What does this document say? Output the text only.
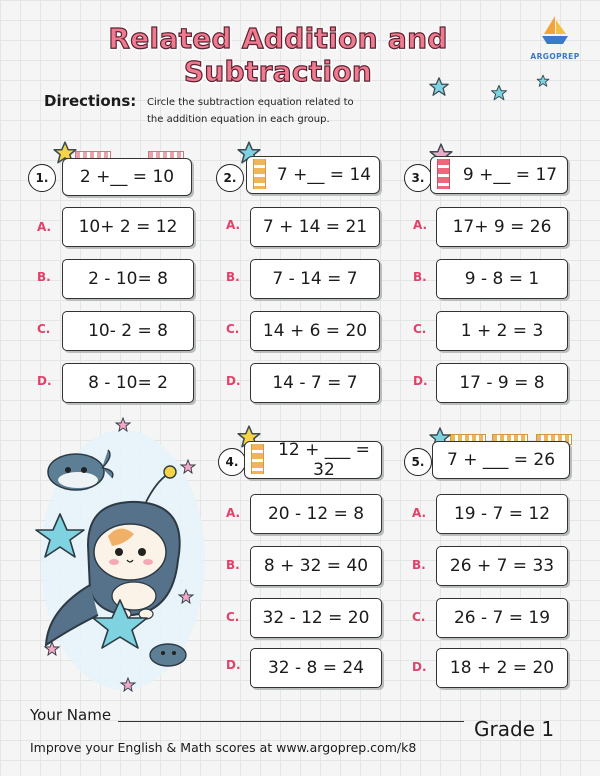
Related Addition and Subtraction	ARGOPREP
Directions: Circle the subtraction equation related to
the addition equation in each group.
1.	2 +__ = 10
A.	10+ 2 = 12
B.	2 - 10= 8
C.	10- 2 = 8
D.	8 - 10= 2
2.	7 +__ = 14
A.	7 + 14 = 21
B.	7 - 14 = 7
C.	14 + 6 = 20
D.	14 - 7 = 7
3.	9 +__ = 17
A.	17+ 9 = 26
B.	9 - 8 = 1
C.	1 + 2 = 3
D.	17 - 9 = 8
4.
12 + ___ = 32
A.	20 - 12 = 8
B.	8 + 32 = 40
C.	32 - 12 = 20
D.	32 - 8 = 24
5.	7 + ___ = 26
A.	19 - 7 = 12
B.	26 + 7 = 33
C.	26 - 7 = 19
D.	18 + 2 = 20
Your Name
Grade 1
Improve your English & Math scores at www.argoprep.com/k8
